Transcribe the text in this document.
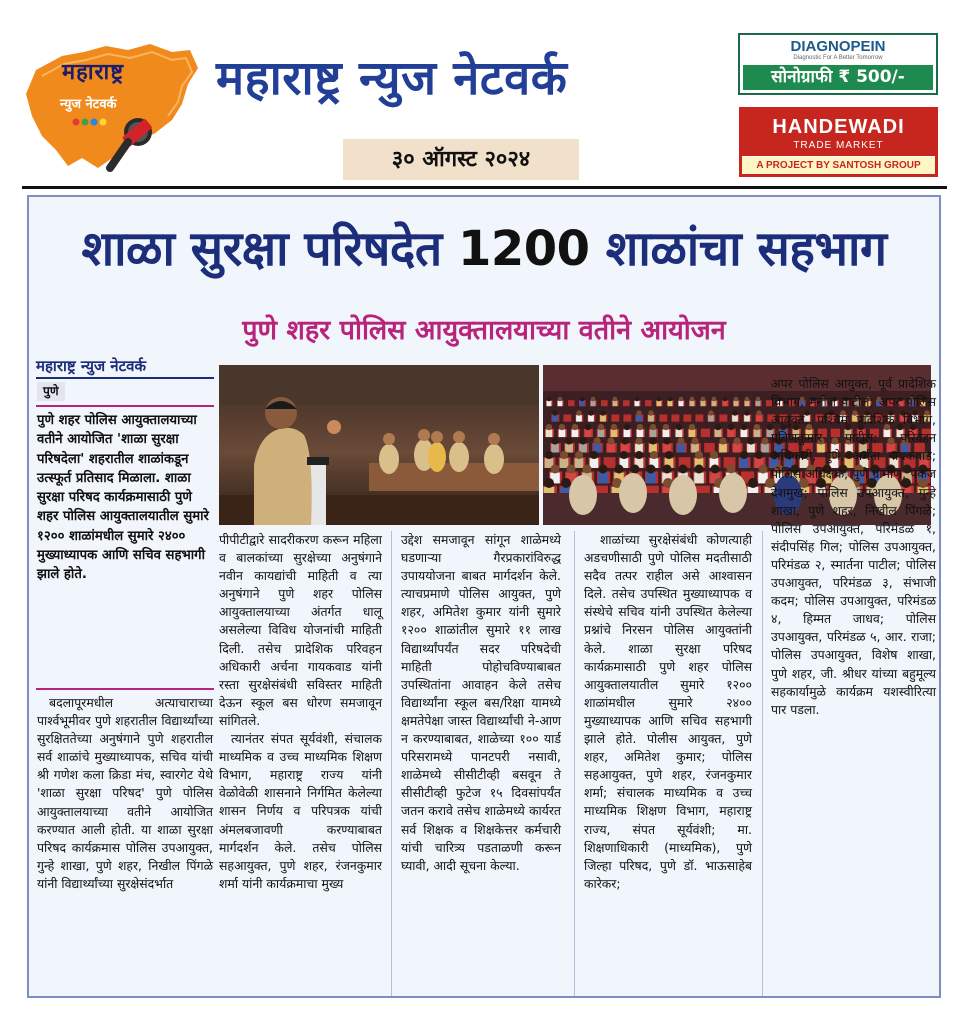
महाराष्ट्र
न्युज नेटवर्क	महाराष्ट्र न्युज नेटवर्क
३० ऑगस्ट २०२४
DIAGNOPEIN
Diagnostic For A Better Tomorrow
सोनोग्राफी ₹ 500/-
HANDEWADI
TRADE MARKET
A PROJECT BY SANTOSH GROUP
शाळा सुरक्षा परिषदेत 1200 शाळांचा सहभाग
पुणे शहर पोलिस आयुक्तालयाच्या वतीने आयोजन
महाराष्ट्र न्युज नेटवर्क
पुणे
पुणे शहर पोलिस आयुक्तालयाच्या वतीने आयोजित 'शाळा सुरक्षा परिषदेला' शहरातील शाळांकडून उत्स्फूर्त प्रतिसाद मिळाला. शाळा सुरक्षा परिषद कार्यक्रमासाठी पुणे शहर पोलिस आयुक्तालयातील सुमारे १२०० शाळांमधील सुमारे २४०० मुख्याध्यापक आणि सचिव सहभागी झाले होते.
बदलापूरमधील अत्याचाराच्या पार्श्वभूमीवर पुणे शहरातील विद्यार्थ्यांच्या सुरक्षिततेच्या अनुषंगाने पुणे शहरातील सर्व शाळांचे मुख्याध्यापक, सचिव यांची श्री गणेश कला क्रिडा मंच, स्वारगेट येथे 'शाळा सुरक्षा परिषद' पुणे पोलिस आयुक्तालयाच्या वतीने आयोजित करण्यात आली होती. या शाळा सुरक्षा परिषद कार्यक्रमास पोलिस उपआयुक्त, गुन्हे शाखा, पुणे शहर, निखील पिंगळे यांनी विद्यार्थ्यांच्या सुरक्षेसंदर्भात
पीपीटीद्वारे सादरीकरण करून महिला व बालकांच्या सुरक्षेच्या अनुषंगाने नवीन कायद्यांची माहिती व त्या अनुषंगाने पुणे शहर पोलिस आयुक्तालयाच्या अंतर्गत धालू असलेल्या विविध योजनांची माहिती दिली. तसेच प्रादेशिक परिवहन अधिकारी अर्चना गायकवाड यांनी रस्ता सुरक्षेसंबंधी सविस्तर माहिती देऊन स्कूल बस धोरण समजावून सांगितले.
त्यानंतर संपत सूर्यवंशी, संचालक माध्यमिक व उच्च माध्यमिक शिक्षण विभाग, महाराष्ट्र राज्य यांनी वेळोवेळी शासनाने निर्गमित केलेल्या शासन निर्णय व परिपत्रक यांची अंमलबजावणी करण्याबाबत मार्गदर्शन केले. तसेच पोलिस सहआयुक्त, पुणे शहर, रंजनकुमार शर्मा यांनी कार्यक्रमाचा मुख्य
उद्देश समजावून सांगून शाळेमध्ये घडणाऱ्या गैरप्रकारांविरुद्ध उपाययोजना बाबत मार्गदर्शन केले. त्याचप्रमाणे पोलिस आयुक्त, पुणे शहर, अमितेश कुमार यांनी सुमारे १२०० शाळांतील सुमारे ११ लाख विद्यार्थ्यांपर्यंत सदर परिषदेची माहिती पोहोचविण्याबाबत उपस्थितांना आवाहन केले तसेच विद्यार्थ्यांना स्कूल बस/रिक्षा यामध्ये क्षमतेपेक्षा जास्त विद्यार्थ्यांची ने-आण न करण्याबाबत, शाळेच्या १०० यार्ड परिसरामध्ये पानटपरी नसावी, शाळेमध्ये सीसीटीव्ही बसवून ते सीसीटीव्ही फुटेज १५ दिवसांपर्यंत जतन करावे तसेच शाळेमध्ये कार्यरत सर्व शिक्षक व शिक्षकेत्तर कर्मचारी यांची चारित्र्य पडताळणी करून घ्यावी, आदी सूचना केल्या.
शाळांच्या सुरक्षेसंबंधी कोणत्याही अडचणीसाठी पुणे पोलिस मदतीसाठी सदैव तत्पर राहील असे आश्वासन दिले. तसेच उपस्थित मुख्याध्यापक व संस्थेचे सचिव यांनी उपस्थित केलेल्या प्रश्नांचे निरसन पोलिस आयुक्तांनी केले. शाळा सुरक्षा परिषद कार्यक्रमासाठी पुणे शहर पोलिस आयुक्तालयातील सुमारे १२०० शाळांमधील सुमारे २४०० मुख्याध्यापक आणि सचिव सहभागी झाले होते. पोलीस आयुक्त, पुणे शहर, अमितेश कुमार; पोलिस सहआयुक्त, पुणे शहर, रंजनकुमार शर्मा; संचालक माध्यमिक व उच्च माध्यमिक शिक्षण विभाग, महाराष्ट्र राज्य, संपत सूर्यवंशी; मा. शिक्षणाधिकारी (माध्यमिक), पुणे जिल्हा परिषद, पुणे डॉ. भाऊसाहेब कारेकर;
अपर पोलिस आयुक्त, पूर्व प्रादेशिक विभाग, मनोज पाटील; अपर पोलिस आयुक्त, पश्चिम प्रादेशिक विभाग, प्रविणकुमार पाटील; परिवहन अधिकारी, पुणे, अर्चना गायकवाड; पोलिस अधिक्षक, पुणे ग्रामीण, पंकज देशमुख; पोलिस उपआयुक्त, गुन्हे शाखा, पुणे शहर, निखील पिंगळे; पोलिस उपआयुक्त, परिमंडळ १, संदीपसिंह गिल; पोलिस उपआयुक्त, परिमंडळ २, स्मार्तना पाटील; पोलिस उपआयुक्त, परिमंडळ ३, संभाजी कदम; पोलिस उपआयुक्त, परिमंडळ ४, हिम्मत जाधव; पोलिस उपआयुक्त, परिमंडळ ५, आर. राजा; पोलिस उपआयुक्त, विशेष शाखा, पुणे शहर, जी. श्रीधर यांच्या बहुमूल्य सहकार्यामुळे कार्यक्रम यशस्वीरित्या पार पडला.
